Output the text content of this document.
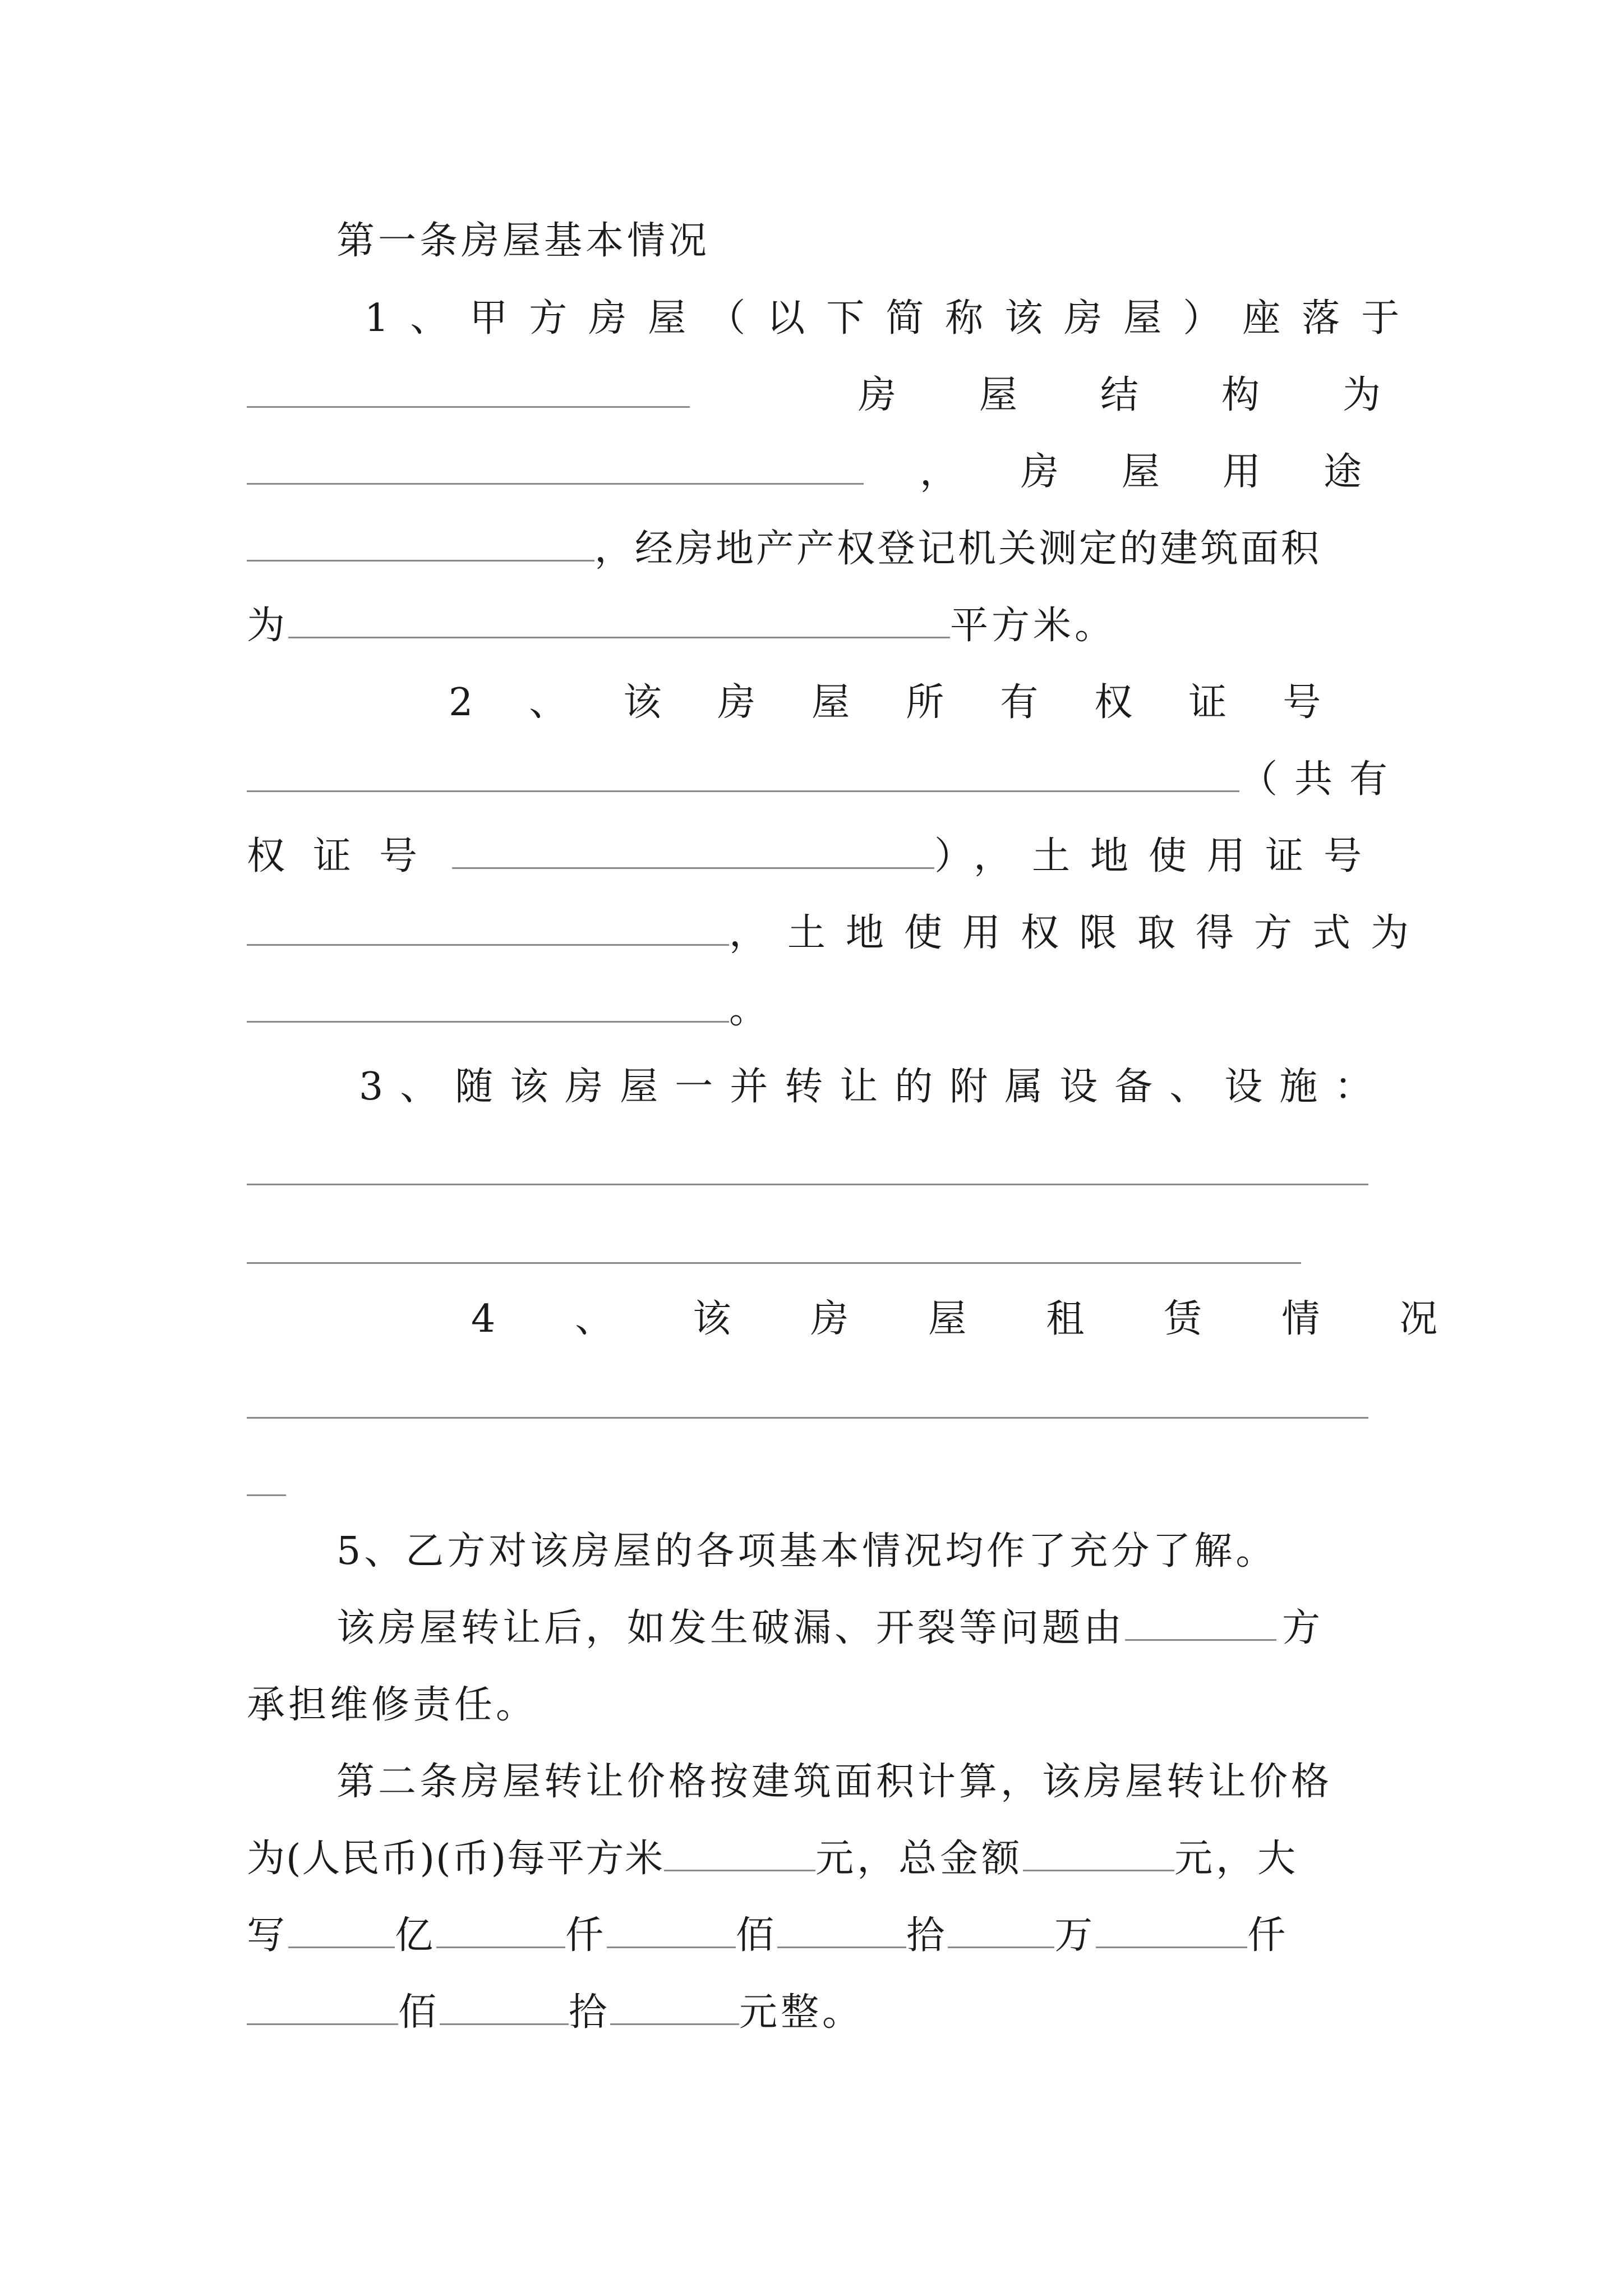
第一条房屋基本情况
1、甲方房屋（以下简称该房屋）座落于
房屋结构为
，房屋用途
，经房地产产权登记机关测定的建筑面积
为	平方米。
2、该房屋所有权证号
（共有
权证号	），土地使用证号
，土地使用权限取得方式为
。
3、随该房屋一并转让的附属设备、设施：
4、该房屋租赁情况
5、乙方对该房屋的各项基本情况均作了充分了解。
该房屋转让后，如发生破漏、开裂等问题由	方
承担维修责任。
第二条房屋转让价格按建筑面积计算，该房屋转让价格
为(人民币)(币)每平方米	元，总金额	元，大
写	亿	仟	佰	拾	万	仟
佰	拾	元整。
